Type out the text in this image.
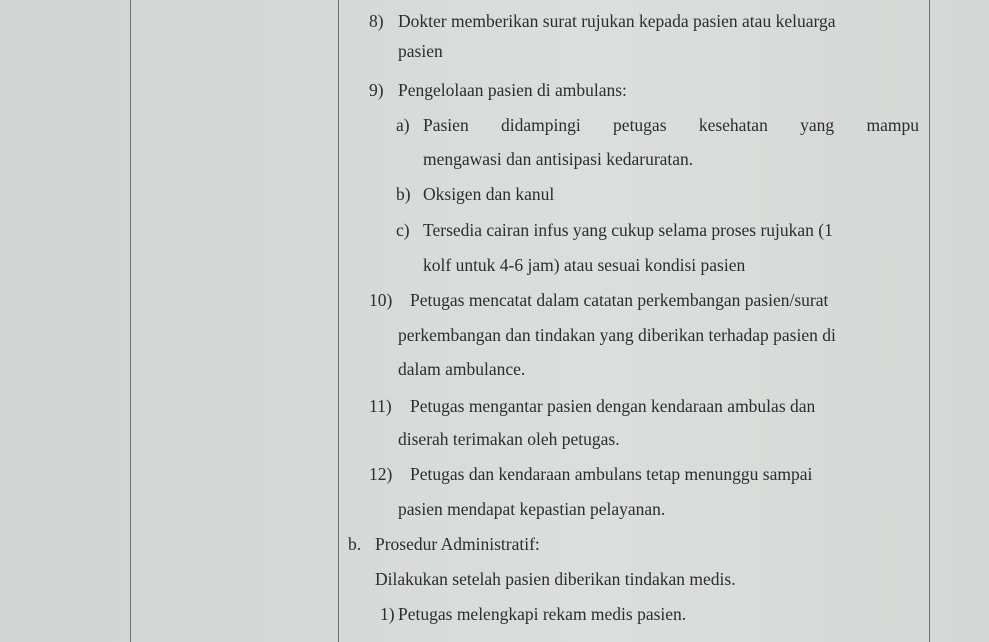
8) Dokter memberikan surat rujukan kepada pasien atau keluarga
pasien
9) Pengelolaan pasien di ambulans:
a) Pasien didampingi petugas kesehatan yang mampu
mengawasi dan antisipasi kedaruratan.
b) Oksigen dan kanul
c) Tersedia cairan infus yang cukup selama proses rujukan (1
kolf untuk 4-6 jam) atau sesuai kondisi pasien
10) Petugas mencatat dalam catatan perkembangan pasien/surat
perkembangan dan tindakan yang diberikan terhadap pasien di
dalam ambulance.
11) Petugas mengantar pasien dengan kendaraan ambulas dan
diserah terimakan oleh petugas.
12) Petugas dan kendaraan ambulans tetap menunggu sampai
pasien mendapat kepastian pelayanan.
b. Prosedur Administratif:
Dilakukan setelah pasien diberikan tindakan medis.
1) Petugas melengkapi rekam medis pasien.
